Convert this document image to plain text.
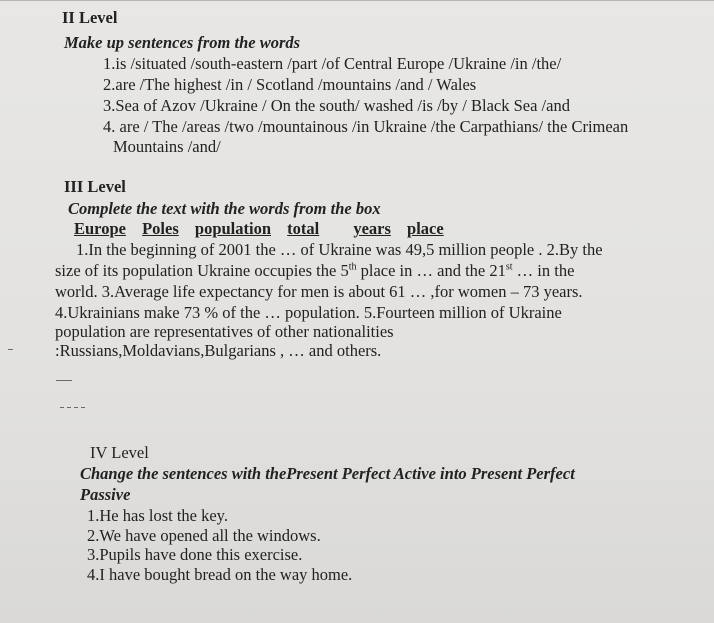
II Level
Make up sentences from the words
1.is /situated /south-eastern /part /of Central Europe /Ukraine /in /the/
2.are /The highest /in / Scotland /mountains /and / Wales
3.Sea of Azov /Ukraine / On the south/ washed /is /by / Black Sea /and
4. are / The /areas /two /mountainous /in Ukraine /the Carpathians/ the Crimean
Mountains /and/
III Level
Complete the text with the words from the box
Europe Poles population total years place
1.In the beginning of 2001 the … of Ukraine was 49,5 million people . 2.By the
size of its population Ukraine occupies the 5th place in … and the 21st … in the
world. 3.Average life expectancy for men is about 61 … ,for women – 73 years.
4.Ukrainians make 73 % of the … population. 5.Fourteen million of Ukraine
population are representatives of other nationalities
:Russians,Moldavians,Bulgarians , … and others.
IV Level
Change the sentences with thePresent Perfect Active into Present Perfect
Passive
1.He has lost the key.
2.We have opened all the windows.
3.Pupils have done this exercise.
4.I have bought bread on the way home.
